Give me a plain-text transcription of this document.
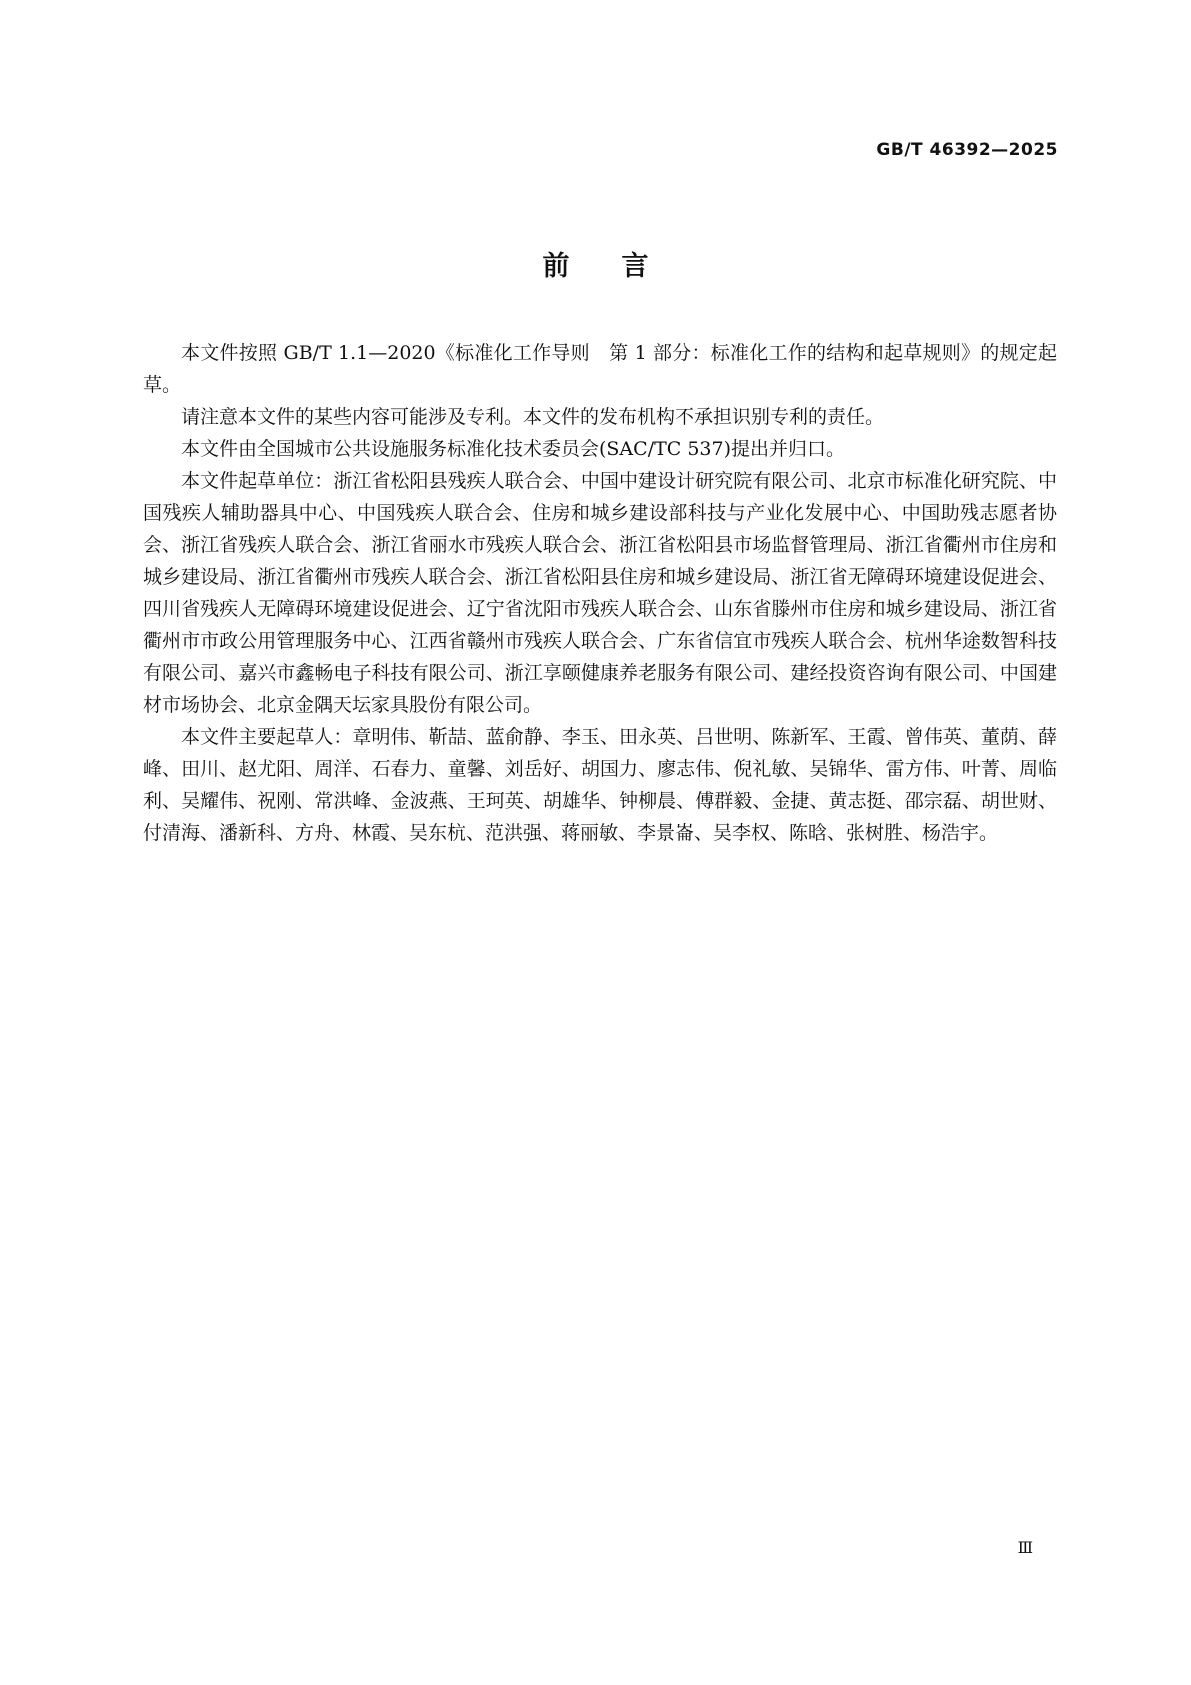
GB/T 46392—2025
前言

本文件按照 GB/T 1.1—2020《标准化工作导则　第 1 部分：标准化工作的结构和起草规则》的规定起草。

请注意本文件的某些内容可能涉及专利。本文件的发布机构不承担识别专利的责任。

本文件由全国城市公共设施服务标准化技术委员会(SAC/TC 537)提出并归口。

本文件起草单位：浙江省松阳县残疾人联合会、中国中建设计研究院有限公司、北京市标准化研究院、中国残疾人辅助器具中心、中国残疾人联合会、住房和城乡建设部科技与产业化发展中心、中国助残志愿者协会、浙江省残疾人联合会、浙江省丽水市残疾人联合会、浙江省松阳县市场监督管理局、浙江省衢州市住房和城乡建设局、浙江省衢州市残疾人联合会、浙江省松阳县住房和城乡建设局、浙江省无障碍环境建设促进会、四川省残疾人无障碍环境建设促进会、辽宁省沈阳市残疾人联合会、山东省滕州市住房和城乡建设局、浙江省衢州市市政公用管理服务中心、江西省赣州市残疾人联合会、广东省信宜市残疾人联合会、杭州华途数智科技有限公司、嘉兴市鑫畅电子科技有限公司、浙江享颐健康养老服务有限公司、建经投资咨询有限公司、中国建材市场协会、北京金隅天坛家具股份有限公司。

本文件主要起草人：章明伟、靳喆、蓝俞静、李玉、田永英、吕世明、陈新军、王霞、曾伟英、董荫、薛峰、田川、赵尤阳、周洋、石春力、童馨、刘岳好、胡国力、廖志伟、倪礼敏、吴锦华、雷方伟、叶菁、周临利、吴耀伟、祝刚、常洪峰、金波燕、王珂英、胡雄华、钟柳晨、傅群毅、金捷、黄志挺、邵宗磊、胡世财、付清海、潘新科、方舟、林霞、吴东杭、范洪强、蒋丽敏、李景崙、吴李权、陈晗、张树胜、杨浩宇。

Ⅲ
